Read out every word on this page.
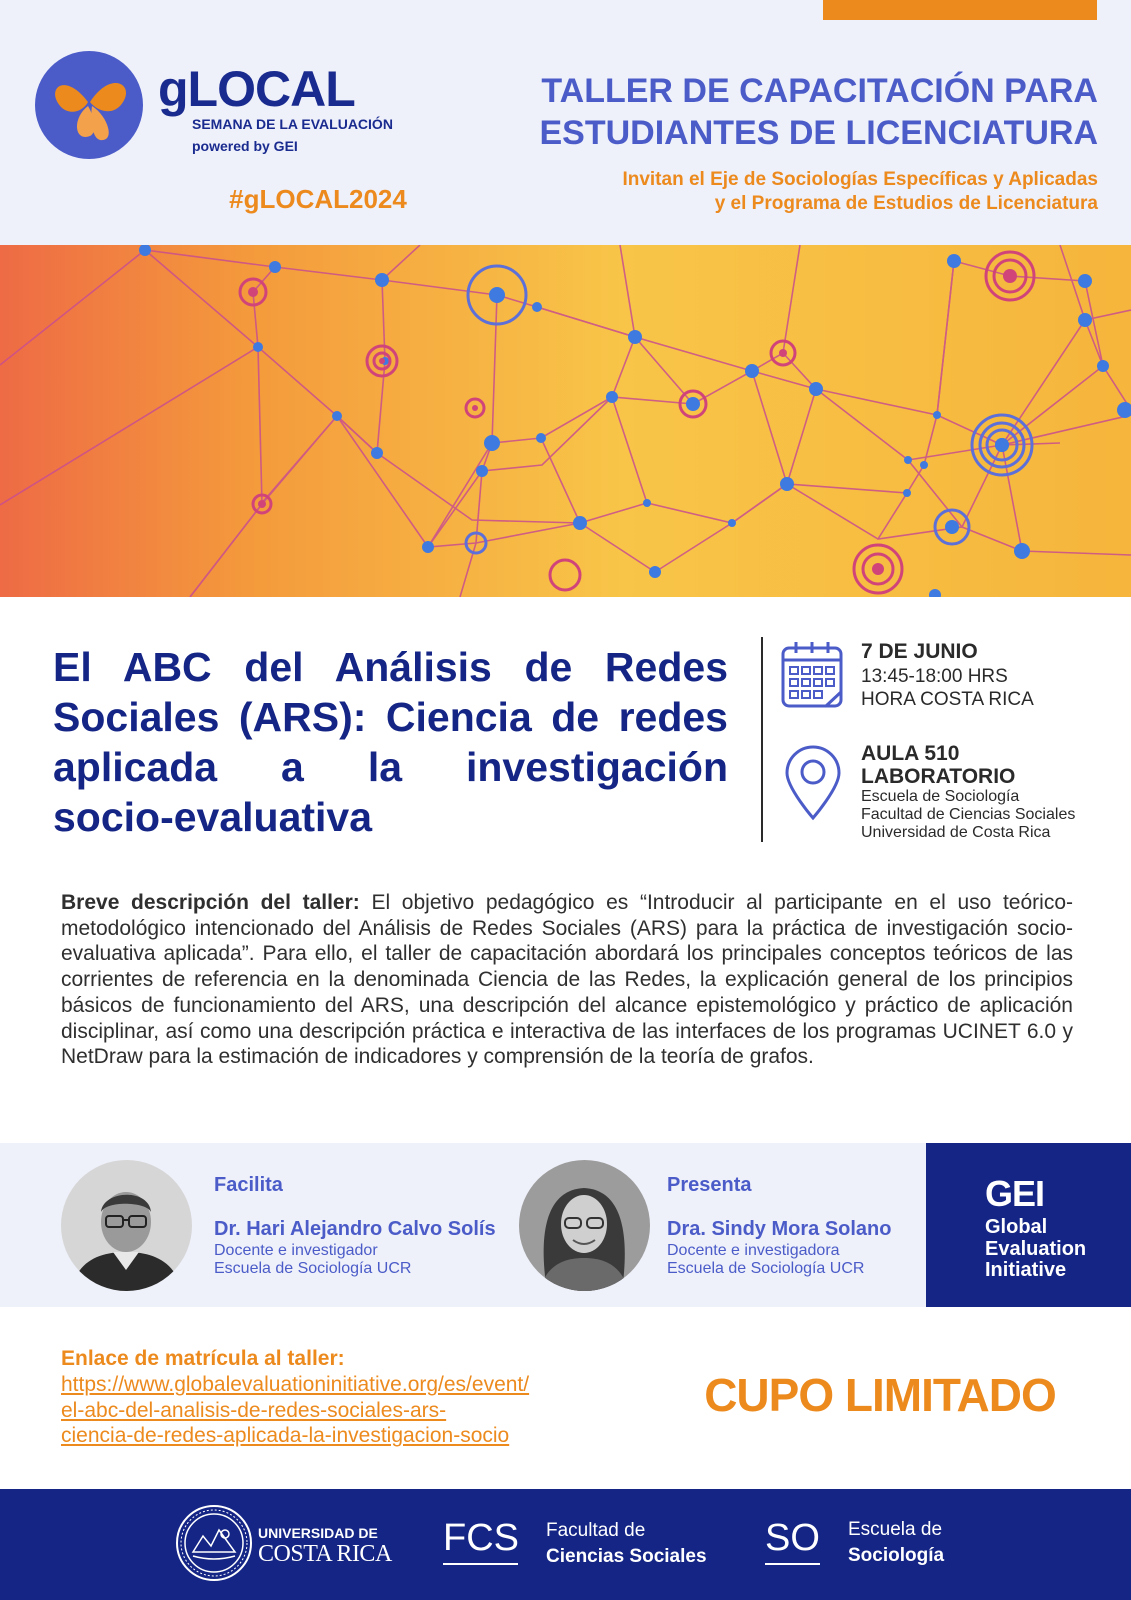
gLOCAL
SEMANA DE LA EVALUACIÓN
powered by GEI
#gLOCAL2024
TALLER DE CAPACITACIÓN PARA
ESTUDIANTES DE LICENCIATURA
Invitan el Eje de Sociologías Específicas y Aplicadas
y el Programa de Estudios de Licenciatura
El ABC del Análisis de Redes
Sociales (ARS): Ciencia de redes
aplicada a la investigación
socio-evaluativa
7 DE JUNIO
13:45-18:00 HRS
HORA COSTA RICA
AULA 510
LABORATORIO
Escuela de Sociología
Facultad de Ciencias Sociales
Universidad de Costa Rica
Breve descripción del taller: El objetivo pedagógico es “Introducir al participante en el uso teórico-metodológico intencionado del Análisis de Redes Sociales (ARS) para la práctica de investigación socio-evaluativa aplicada”. Para ello, el taller de capacitación abordará los principales conceptos teóricos de las corrientes de referencia en la denominada Ciencia de las Redes, la explicación general de los principios básicos de funcionamiento del ARS, una descripción del alcance epistemológico y práctico de aplicación disciplinar, así como una descripción práctica e interactiva de las interfaces de los programas UCINET 6.0 y NetDraw para la estimación de indicadores y comprensión de la teoría de grafos.
Facilita
Dr. Hari Alejandro Calvo Solís
Docente e investigador
Escuela de Sociología UCR
Presenta
Dra. Sindy Mora Solano
Docente e investigadora
Escuela de Sociología UCR
GEI
Global
Evaluation
Initiative
Enlace de matrícula al taller:
https://www.globalevaluationinitiative.org/es/event/
el-abc-del-analisis-de-redes-sociales-ars-
ciencia-de-redes-aplicada-la-investigacion-socio
CUPO LIMITADO
UNIVERSIDAD DE
COSTA RICA FCS Facultad de
Ciencias Sociales SO Escuela de
Sociología
